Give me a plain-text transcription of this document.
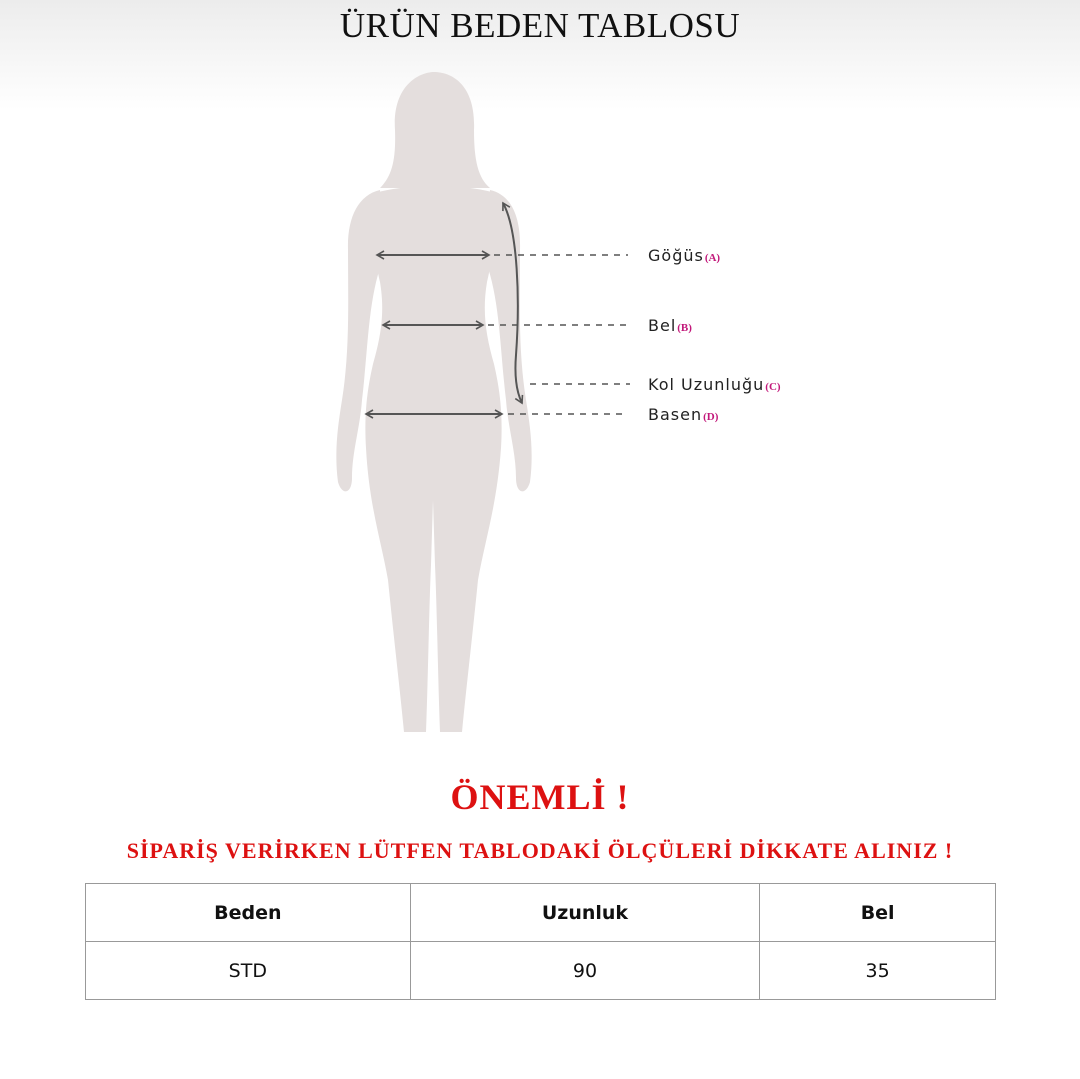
ÜRÜN BEDEN TABLOSU
Göğüs(A)
Bel(B)
Kol Uzunluğu(C)
Basen(D)
ÖNEMLİ !
SİPARİŞ VERİRKEN LÜTFEN TABLODAKİ ÖLÇÜLERİ DİKKATE ALINIZ !
Beden	Uzunluk	Bel
STD	90	35
